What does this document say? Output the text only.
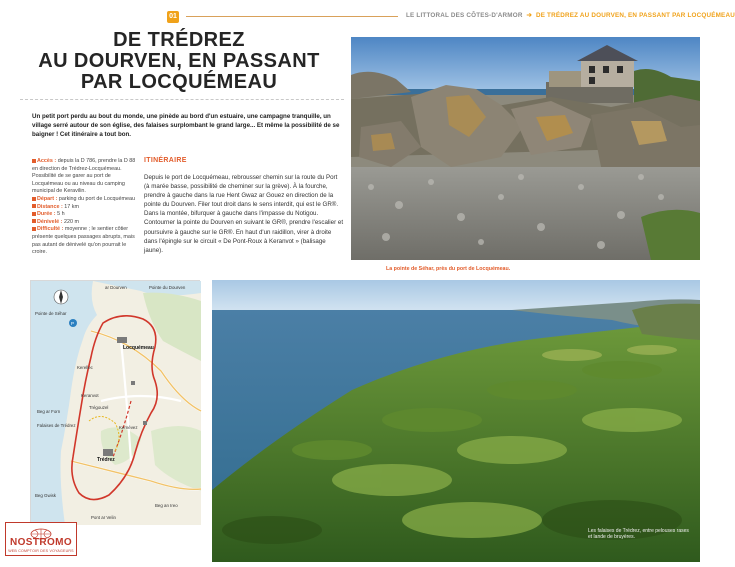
01	LE LITTORAL DES CÔTES-D'ARMOR ➔ DE TRÉDREZ AU DOURVEN, EN PASSANT PAR LOCQUÉMEAU
DE TRÉDREZ
AU DOURVEN, EN PASSANT
PAR LOCQUÉMEAU

Un petit port perdu au bout du monde, une pinède au bord d'un estuaire, une campagne tranquille, un village serré autour de son église, des falaises surplombant le grand large... Et même la possibilité de se baigner ! Cet itinéraire a tout bon.

Accès : depuis la D 786, prendre la D 88 en direction de Trédrez-Locquémeau. Possibilité de se garer au port de Locquémeau ou au niveau du camping municipal de Keravilin.
Départ : parking du port de Locquémeau
Distance : 17 km
Durée : 5 h
Dénivelé : 220 m
Difficulté : moyenne ; le sentier côtier présente quelques passages abrupts, mais pas autant de dénivelé qu'on pourrait le croire.
ITINÉRAIRE

Depuis le port de Locquémeau, rebrousser chemin sur la route du Port (à marée basse, possibilité de cheminer sur la grève). À la fourche, prendre à gauche dans la rue Hent Gwaz ar Gouez en direction de la pointe du Dourven. Filer tout droit dans le sens interdit, qui est le GR®. Dans la montée, bifurquer à gauche dans l'impasse du Notigou. Contourner la pointe du Dourven en suivant le GR®, prendre l'escalier et poursuivre à gauche sur le GR®. En haut d'un raidillon, virer à droite dans l'épingle sur le circuit « De Pont-Roux à Keranvot » (balisage jaune).

La pointe de Séhar, près du port de Locquémeau.
P
ar Dourven	Pointe du Dourven
Pointe de Séhar
Locquémeau
Kerellec
Keranvot
Beg ar Forn
Falaises de Trédrez
Trégouzel
Kernévez
Trédrez
Beg Gwisk
Pont ar Velin
Beg an Ireo
Les falaises de Trédrez, entre pelouses rases et lande de bruyères.
NOSTROMO
WEB COMPTOIR DES VOYAGEURS
